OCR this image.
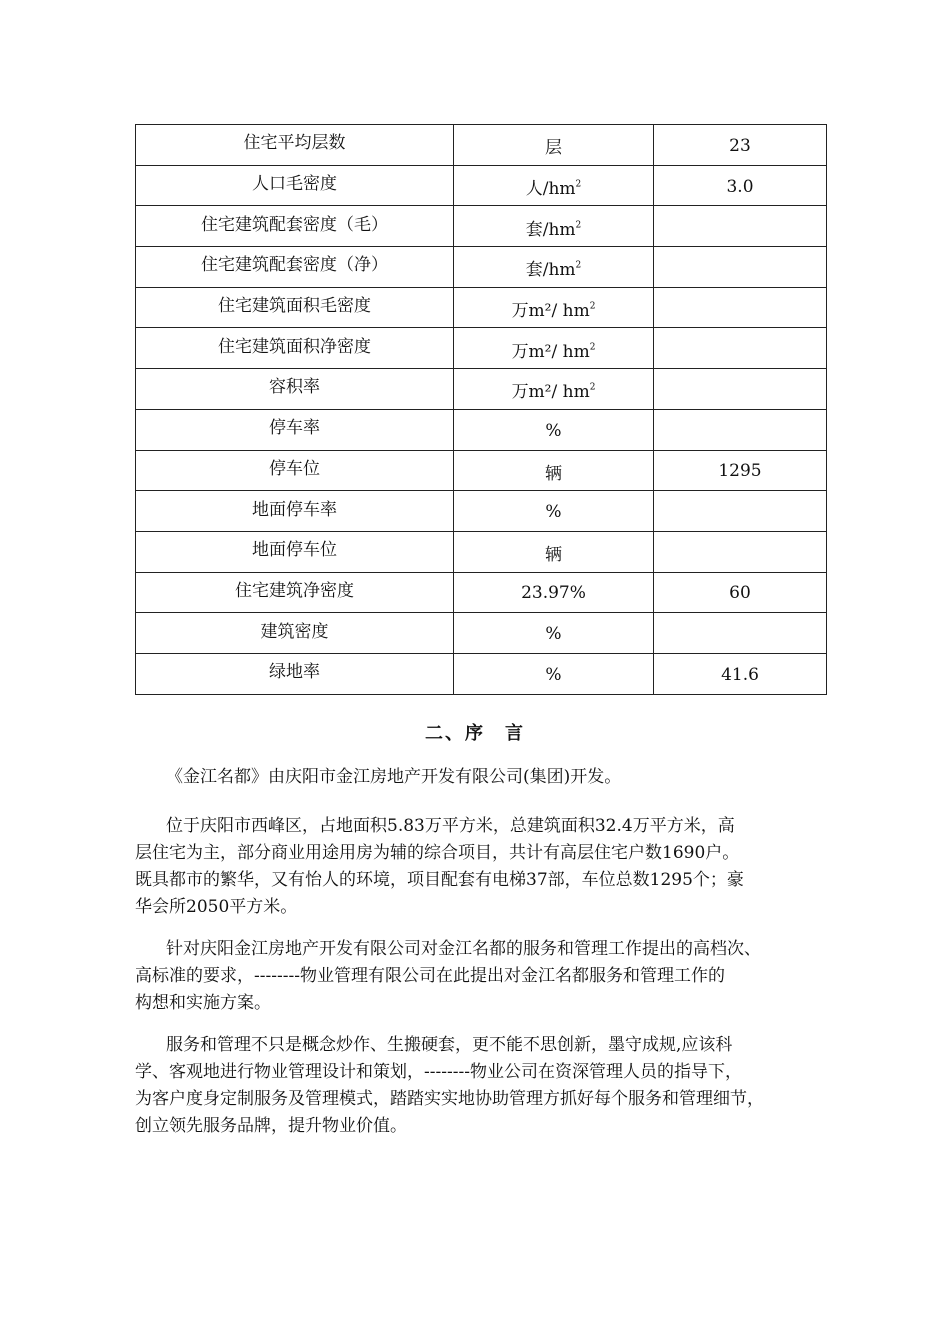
住宅平均层数	层	23
人口毛密度	人$/hm^2$	3.0
住宅建筑配套密度（毛）	套$/hm^2$	
住宅建筑配套密度（净）	套$/hm^2$	
住宅建筑面积毛密度	万m²/ $hm^2$	
住宅建筑面积净密度	万m²/ $hm^2$	
容积率	万m²/ $hm^2$	
停车率	%	
停车位	辆	1295
地面停车率	%	
地面停车位	辆	
住宅建筑净密度	23.97%	60
建筑密度	%	
绿地率	%	41.6
二、序　言
《金江名都》由庆阳市金江房地产开发有限公司(集团)开发。
位于庆阳市西峰区，占地面积5.83万平方米，总建筑面积32.4万平方米，高
层住宅为主，部分商业用途用房为辅的综合项目，共计有高层住宅户数1690户。
既具都市的繁华，又有怡人的环境，项目配套有电梯37部，车位总数1295个；豪
华会所2050平方米。
针对庆阳金江房地产开发有限公司对金江名都的服务和管理工作提出的高档次、
高标准的要求，--------物业管理有限公司在此提出对金江名都服务和管理工作的
构想和实施方案。
服务和管理不只是概念炒作、生搬硬套，更不能不思创新，墨守成规,应该科
学、客观地进行物业管理设计和策划，--------物业公司在资深管理人员的指导下，
为客户度身定制服务及管理模式，踏踏实实地协助管理方抓好每个服务和管理细节，
创立领先服务品牌，提升物业价值。
